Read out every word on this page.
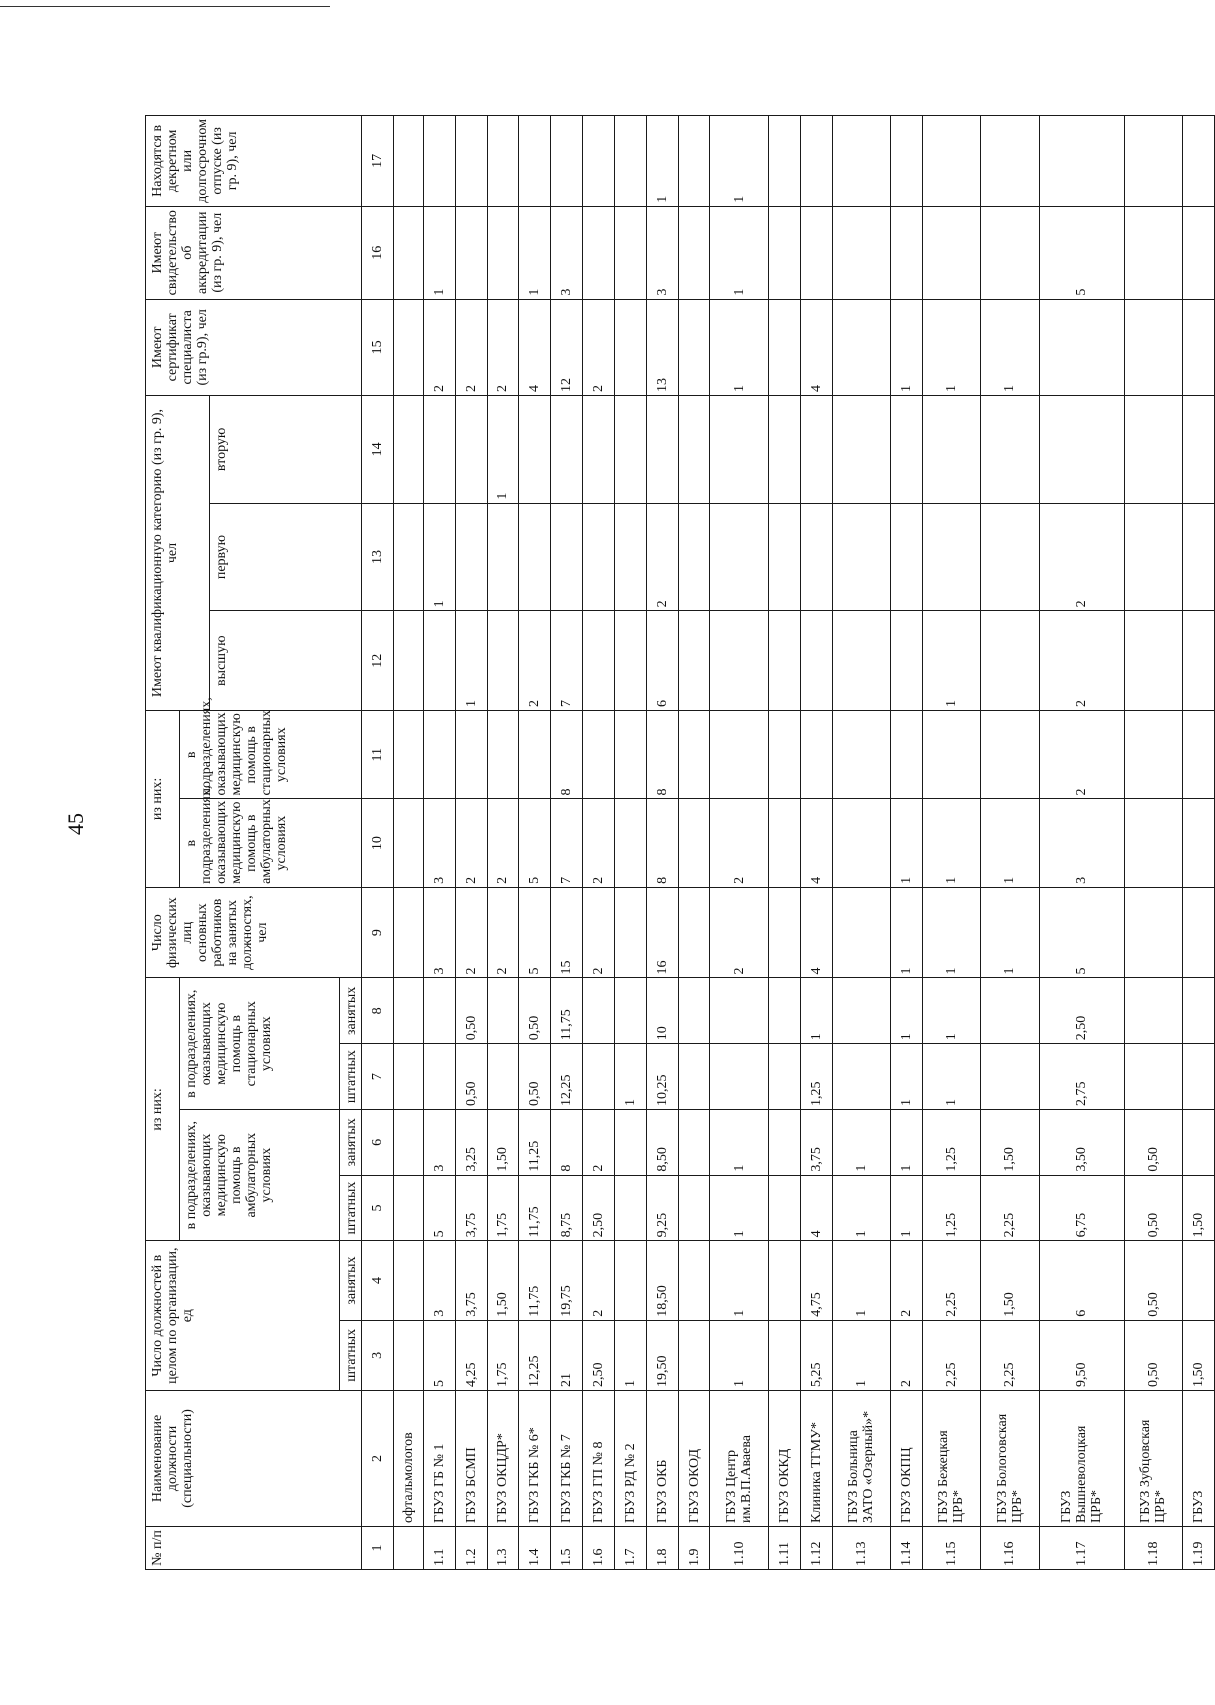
45
№ п/п	Наименование должности (специальности)	Число должностей в целом по организации, ед		из них:				Число физических лиц основных работников на занятых должностях, чел	из них:		Имеют квалификационную категорию (из гр. 9), чел			Имеют сертификат специалиста (из гр.9), чел	Имеют свидетельство об аккредитации (из гр. 9), чел	Находятся в декретном или долгосрочном отпуске (из гр. 9), чел
				в подразделениях, оказывающих медицинскую помощь в амбулаторных условиях		в подразделениях, оказывающих медицинскую помощь в стационарных условиях			в подразделениях, оказывающих медицинскую помощь в амбулаторных условиях	в подразделениях, оказывающих медицинскую помощь в стационарных условиях						
											высшую	первую	вторую			
		штатных	занятых	штатных	занятых	штатных	занятых									
1	2	3	4	5	6	7	8	9	10	11	12	13	14	15	16	17
	офтальмологов															
1.1	ГБУЗ ГБ № 1	5	3	5	3			3	3			1		2	1	
1.2	ГБУЗ БСМП	4,25	3,75	3,75	3,25	0,50	0,50	2	2		1			2		
1.3	ГБУЗ ОКЦДР*	1,75	1,50	1,75	1,50			2	2				1	2		
1.4	ГБУЗ ГКБ № 6*	12,25	11,75	11,75	11,25	0,50	0,50	5	5		2			4	1	
1.5	ГБУЗ ГКБ № 7	21	19,75	8,75	8	12,25	11,75	15	7	8	7			12	3	
1.6	ГБУЗ ГП № 8	2,50	2	2,50	2			2	2					2		
1.7	ГБУЗ РД № 2	1				1										
1.8	ГБУЗ ОКБ	19,50	18,50	9,25	8,50	10,25	10	16	8	8	6	2		13	3	1
1.9	ГБУЗ ОКОД															
1.10	ГБУЗ Центр им.В.П.Аваева	1	1	1	1			2	2					1	1	1
1.11	ГБУЗ ОККД															
1.12	Клиника ТГМУ*	5,25	4,75	4	3,75	1,25	1	4	4					4		
1.13	ГБУЗ Больница ЗАТО «Озерный»*	1	1	1	1											
1.14	ГБУЗ ОКПЦ	2	2	1	1	1	1	1	1					1		
1.15	ГБУЗ Бежецкая ЦРБ*	2,25	2,25	1,25	1,25	1	1	1	1		1			1		
1.16	ГБУЗ Бологовская ЦРБ*	2,25	1,50	2,25	1,50			1	1					1		
1.17	ГБУЗ Вышневолоцкая ЦРБ*	9,50	6	6,75	3,50	2,75	2,50	5	3	2	2	2			5	
1.18	ГБУЗ Зубцовская ЦРБ*	0,50	0,50	0,50	0,50											
1.19	ГБУЗ	1,50		1,50												
